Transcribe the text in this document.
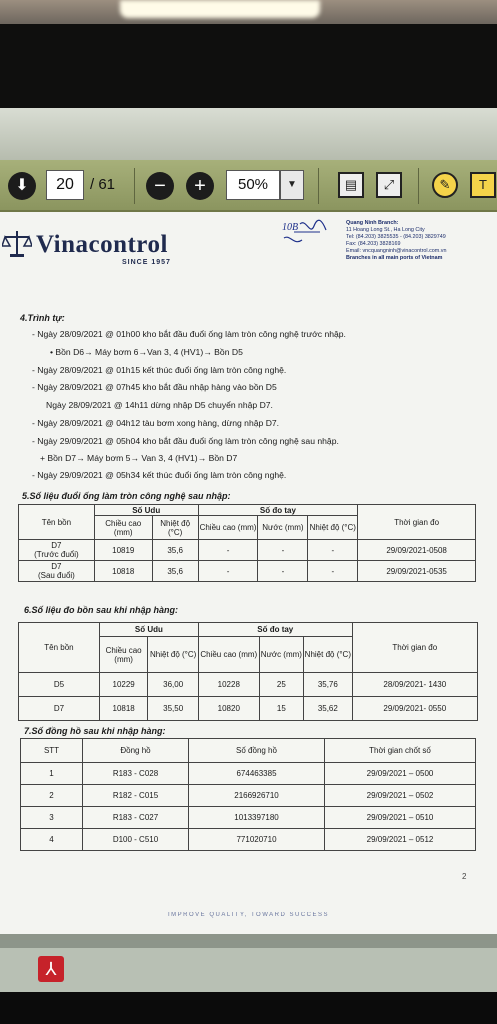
⬇	20	/ 61	−	+	50%	▼	▤	⤢	✎	T
Vinacontrol
SINCE 1957
10B	Quang Ninh Branch:
11 Hoang Long St., Ha Long City
Tel: (84.203) 3825535 - (84.203) 3829749
Fax: (84.203) 3828169
Email: vncquangninh@vinacontrol.com.vn
Branches in all main ports of Vietnam
4.Trình tự:
- Ngày 28/09/2021 @ 01h00 kho bắt đầu đuổi ống làm tròn công nghệ trước nhập.
• Bồn D6→ Máy bơm 6→Van 3, 4 (HV1)→ Bồn D5
- Ngày 28/09/2021 @ 01h15 kết thúc đuổi ống làm tròn công nghệ.
- Ngày 28/09/2021 @ 07h45 kho bắt đầu nhập hàng vào bồn D5
Ngày 28/09/2021 @ 14h11 dừng nhập D5 chuyển nhập D7.
- Ngày 28/09/2021 @ 04h12 tàu bơm xong hàng, dừng nhập D7.
- Ngày 29/09/2021 @ 05h04 kho bắt đầu đuổi ống làm tròn công nghệ sau nhập.
+ Bồn D7→ Máy bơm 5→ Van 3, 4 (HV1)→ Bồn D7
- Ngày 29/09/2021 @ 05h34 kết thúc đuổi ống làm tròn công nghệ.
5.Số liệu đuổi ống làm tròn công nghệ sau nhập:
Tên bồn	Số Udu		Số đo tay			Thời gian đo
	Chiều cao (mm)	Nhiệt độ (°C)	Chiều cao (mm)	Nước (mm)	Nhiệt độ (°C)	

D7
(Trước đuổi)	10819	35,6	-	-	-	29/09/2021-0508

D7
(Sau đuổi)	10818	35,6	-	-	-	29/09/2021-0535
6.Số liệu đo bồn sau khi nhập hàng:
Tên bồn	Số Udu		Số đo tay			Thời gian đo
	Chiều cao (mm)	Nhiệt độ (°C)	Chiều cao (mm)	Nước (mm)	Nhiệt độ (°C)	
D5	10229	36,00	10228	25	35,76	28/09/2021- 1430
D7	10818	35,50	10820	15	35,62	29/09/2021- 0550
7.Số đồng hồ sau khi nhập hàng:
STT	Đồng hồ	Số đồng hồ	Thời gian chốt số
1	R183 - C028	674463385	29/09/2021 – 0500
2	R182 - C015	2166926710	29/09/2021 – 0502
3	R183 - C027	1013397180	29/09/2021 – 0510
4	D100 - C510	771020710	29/09/2021 – 0512
2
IMPROVE QUALITY, TOWARD SUCCESS
⅄
